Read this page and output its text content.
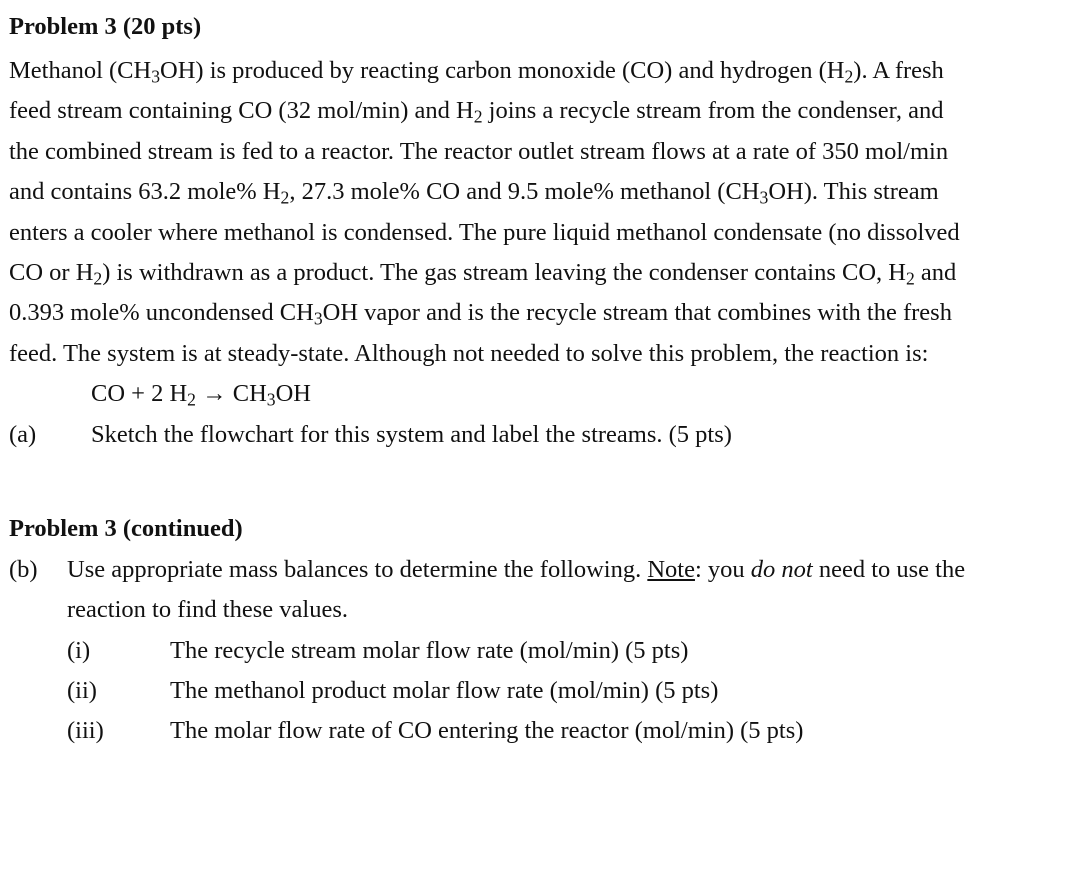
Problem 3 (20 pts)
Methanol $(CH_3OH)$ is produced by reacting carbon monoxide (CO) and hydrogen $(H_2)$. A fresh
feed stream containing CO (32 mol/min) and $H_2$ joins a recycle stream from the condenser, and
the combined stream is fed to a reactor. The reactor outlet stream flows at a rate of 350 mol/min
and contains 63.2 mole% $H_2$, 27.3 mole% CO and 9.5 mole% methanol $(CH_3OH)$. This stream
enters a cooler where methanol is condensed. The pure liquid methanol condensate (no dissolved
CO or $H_2$) is withdrawn as a product. The gas stream leaving the condenser contains CO, $H_2$ and
0.393 mole% uncondensed $CH_3OH$ vapor and is the recycle stream that combines with the fresh
feed. The system is at steady-state. Although not needed to solve this problem, the reaction is:
CO + 2 $H_2 \to CH_3OH$
(a) Sketch the flowchart for this system and label the streams. (5 pts)
Problem 3 (continued)
(b) Use appropriate mass balances to determine the following. Note: you do not need to use the
reaction to find these values.
(i)	The recycle stream molar flow rate (mol/min) (5 pts)
(ii)	The methanol product molar flow rate (mol/min) (5 pts)
(iii)	The molar flow rate of CO entering the reactor (mol/min) (5 pts)
